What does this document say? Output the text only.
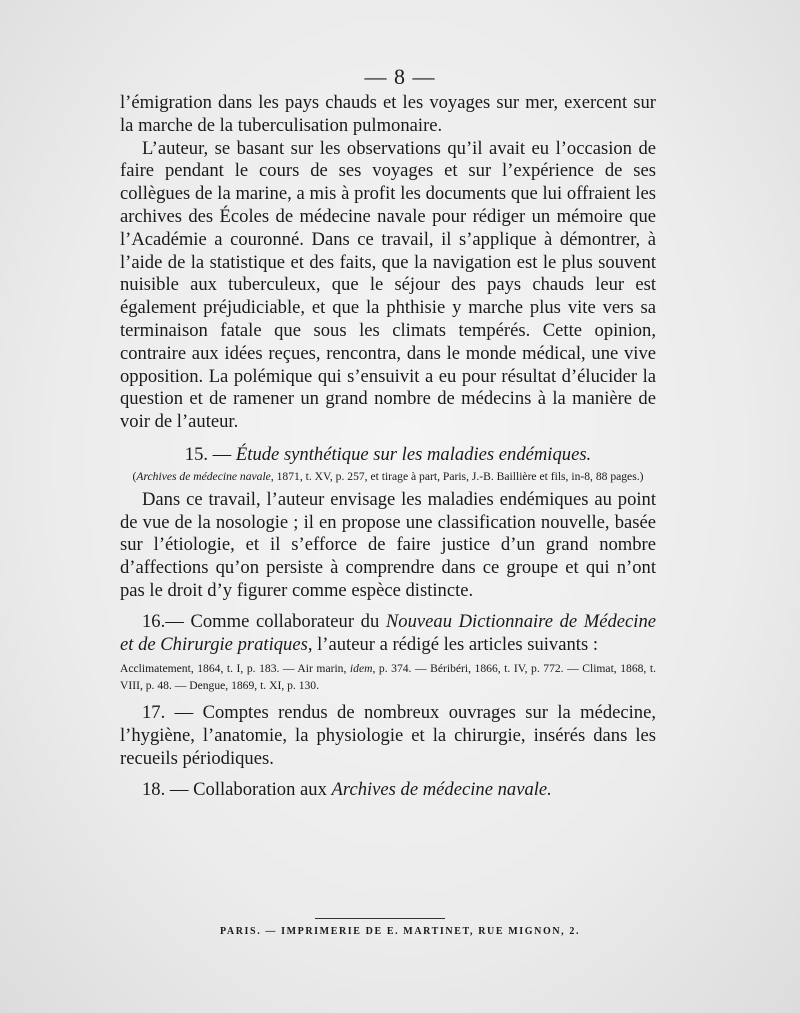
— 8 —

l’émigration dans les pays chauds et les voyages sur mer, exercent sur la marche de la tuberculisation pulmonaire.

L’auteur, se basant sur les observations qu’il avait eu l’occasion de faire pendant le cours de ses voyages et sur l’expérience de ses collègues de la marine, a mis à profit les documents que lui offraient les archives des Écoles de médecine navale pour rédiger un mémoire que l’Académie a couronné. Dans ce travail, il s’applique à démontrer, à l’aide de la statistique et des faits, que la navigation est le plus souvent nuisible aux tuberculeux, que le séjour des pays chauds leur est également préjudiciable, et que la phthisie y marche plus vite vers sa terminaison fatale que sous les climats tempérés. Cette opinion, contraire aux idées reçues, rencontra, dans le monde médical, une vive opposition. La polémique qui s’ensuivit a eu pour résultat d’élucider la question et de ramener un grand nombre de médecins à la manière de voir de l’auteur.

15. — Étude synthétique sur les maladies endémiques.

(Archives de médecine navale, 1871, t. XV, p. 257, et tirage à part, Paris, J.-B. Baillière et fils, in-8, 88 pages.)

Dans ce travail, l’auteur envisage les maladies endémiques au point de vue de la nosologie ; il en propose une classification nouvelle, basée sur l’étiologie, et il s’efforce de faire justice d’un grand nombre d’affections qu’on persiste à comprendre dans ce groupe et qui n’ont pas le droit d’y figurer comme espèce distincte.

16.— Comme collaborateur du Nouveau Dictionnaire de Médecine et de Chirurgie pratiques, l’auteur a rédigé les articles suivants :

Acclimatement, 1864, t. I, p. 183. — Air marin, idem, p. 374. — Béribéri, 1866, t. IV, p. 772. — Climat, 1868, t. VIII, p. 48. — Dengue, 1869, t. XI, p. 130.

17. — Comptes rendus de nombreux ouvrages sur la médecine, l’hygiène, l’anatomie, la physiologie et la chirurgie, insérés dans les recueils périodiques.

18. — Collaboration aux Archives de médecine navale.

PARIS. — IMPRIMERIE DE E. MARTINET, RUE MIGNON, 2.
